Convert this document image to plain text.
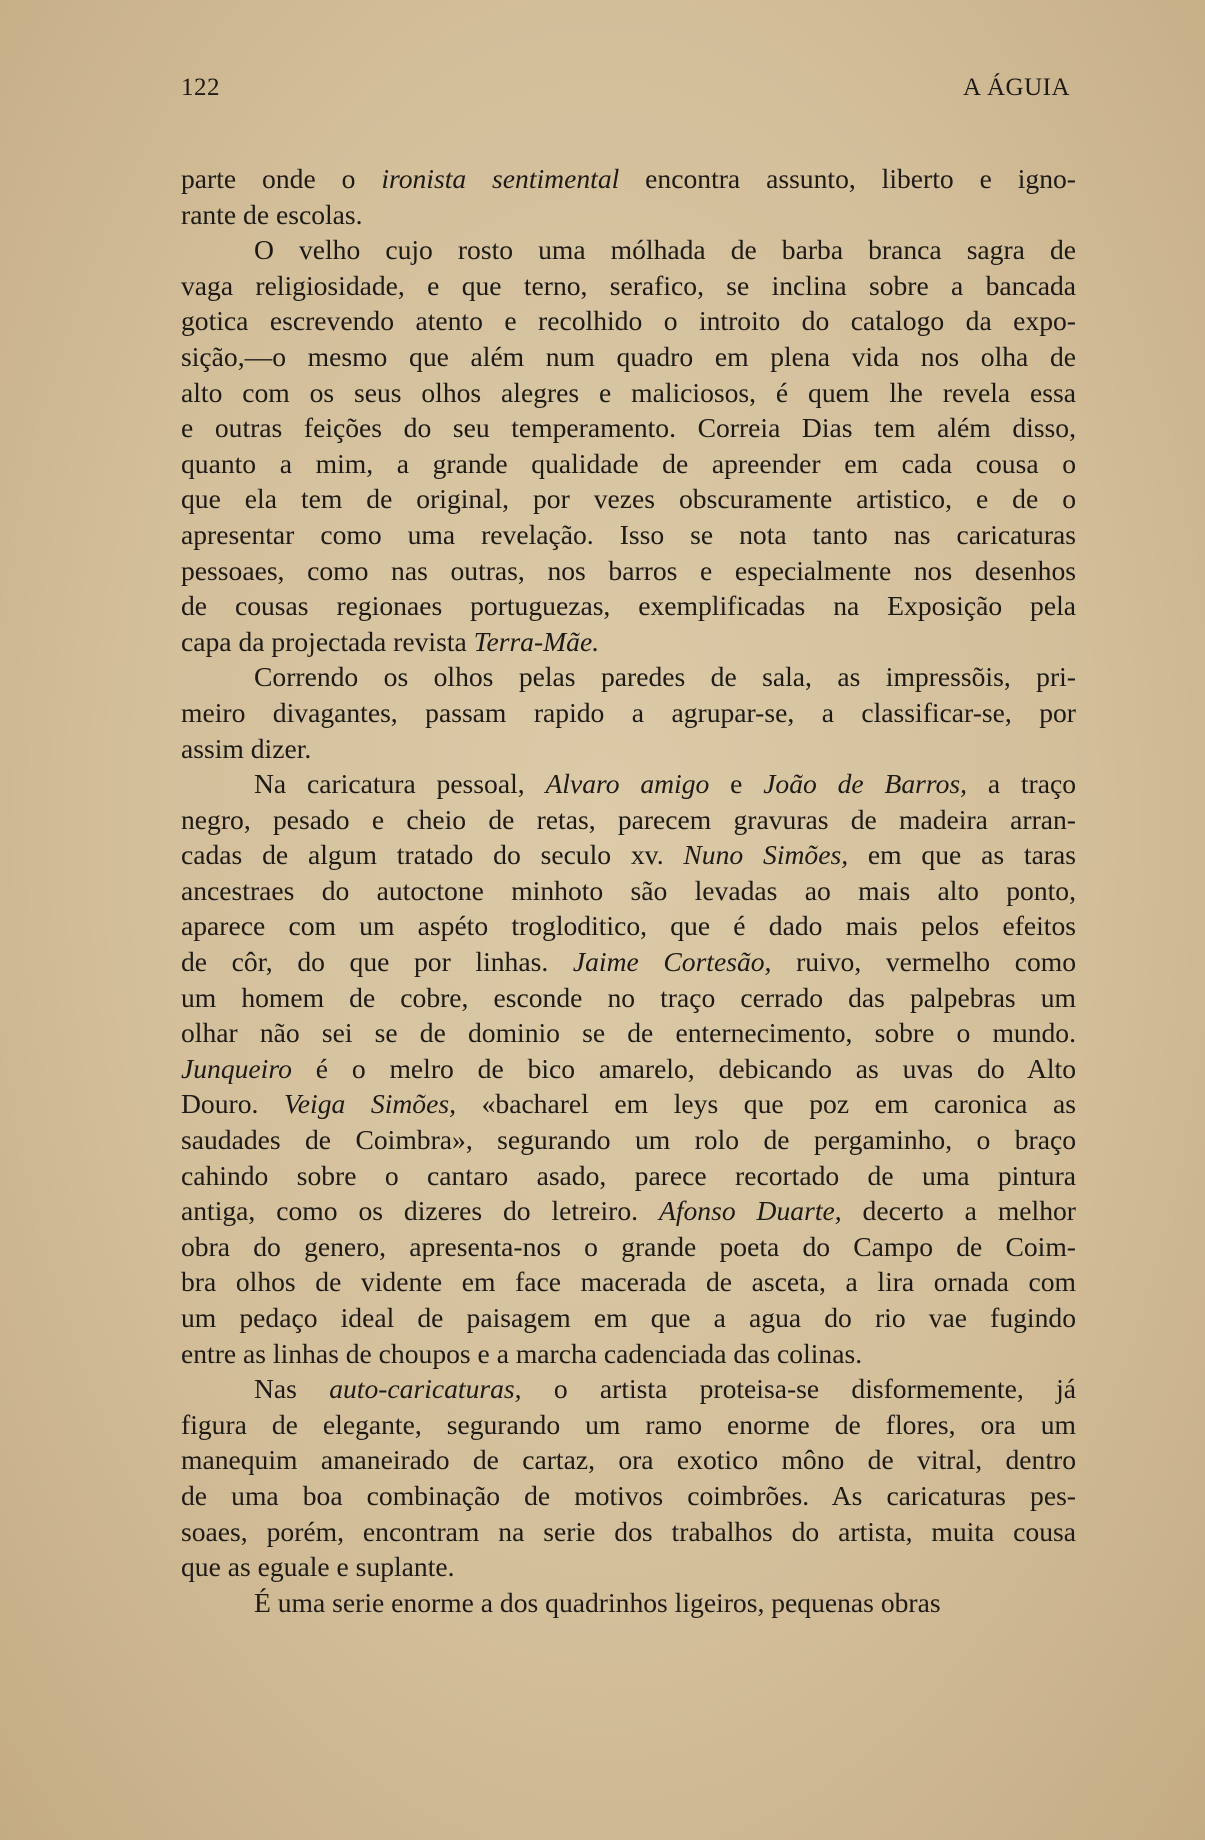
122	A ÁGUIA
parte onde o ironista sentimental encontra assunto, liberto e igno-
rante de escolas.
O velho cujo rosto uma mólhada de barba branca sagra de
vaga religiosidade, e que terno, serafico, se inclina sobre a bancada
gotica escrevendo atento e recolhido o introito do catalogo da expo-
sição,—o mesmo que além num quadro em plena vida nos olha de
alto com os seus olhos alegres e maliciosos, é quem lhe revela essa
e outras feições do seu temperamento. Correia Dias tem além disso,
quanto a mim, a grande qualidade de apreender em cada cousa o
que ela tem de original, por vezes obscuramente artistico, e de o
apresentar como uma revelação. Isso se nota tanto nas caricaturas
pessoaes, como nas outras, nos barros e especialmente nos desenhos
de cousas regionaes portuguezas, exemplificadas na Exposição pela
capa da projectada revista Terra-Mãe.
Correndo os olhos pelas paredes de sala, as impressõis, pri-
meiro divagantes, passam rapido a agrupar-se, a classificar-se, por
assim dizer.
Na caricatura pessoal, Alvaro amigo e João de Barros, a traço
negro, pesado e cheio de retas, parecem gravuras de madeira arran-
cadas de algum tratado do seculo xv. Nuno Simões, em que as taras
ancestraes do autoctone minhoto são levadas ao mais alto ponto,
aparece com um aspéto trogloditico, que é dado mais pelos efeitos
de côr, do que por linhas. Jaime Cortesão, ruivo, vermelho como
um homem de cobre, esconde no traço cerrado das palpebras um
olhar não sei se de dominio se de enternecimento, sobre o mundo.
Junqueiro é o melro de bico amarelo, debicando as uvas do Alto
Douro. Veiga Simões, «bacharel em leys que poz em caronica as
saudades de Coimbra», segurando um rolo de pergaminho, o braço
cahindo sobre o cantaro asado, parece recortado de uma pintura
antiga, como os dizeres do letreiro. Afonso Duarte, decerto a melhor
obra do genero, apresenta-nos o grande poeta do Campo de Coim-
bra olhos de vidente em face macerada de asceta, a lira ornada com
um pedaço ideal de paisagem em que a agua do rio vae fugindo
entre as linhas de choupos e a marcha cadenciada das colinas.
Nas auto-caricaturas, o artista proteisa-se disformemente, já
figura de elegante, segurando um ramo enorme de flores, ora um
manequim amaneirado de cartaz, ora exotico môno de vitral, dentro
de uma boa combinação de motivos coimbrões. As caricaturas pes-
soaes, porém, encontram na serie dos trabalhos do artista, muita cousa
que as eguale e suplante.
É uma serie enorme a dos quadrinhos ligeiros, pequenas obras
